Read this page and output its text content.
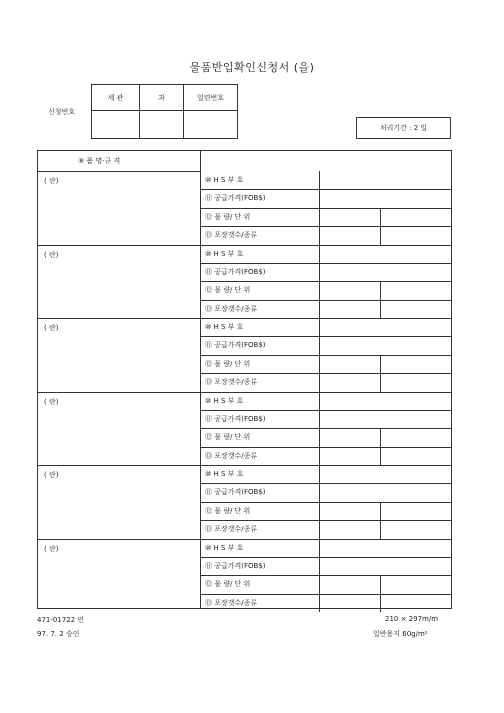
물품반입확인신청서 (을)
신청번호
세 관	과	일련번호

처리기간 : 2 일
⑨ 품 명·규 격
( 란)	⑩ H S 부 호
⑪ 공급가격(FOB$)
⑫ 물 량/ 단 위
⑬ 포장갯수/종류
( 란)	⑩ H S 부 호
⑪ 공급가격(FOB$)
⑫ 물 량/ 단 위
⑬ 포장갯수/종류
( 란)	⑩ H S 부 호
⑪ 공급가격(FOB$)
⑫ 물 량/ 단 위
⑬ 포장갯수/종류
( 란)	⑩ H S 부 호
⑪ 공급가격(FOB$)
⑫ 물 량/ 단 위
⑬ 포장갯수/종류
( 란)	⑩ H S 부 호
⑪ 공급가격(FOB$)
⑫ 물 량/ 단 위
⑬ 포장갯수/종류
( 란)	⑩ H S 부 호
⑪ 공급가격(FOB$)
⑫ 물 량/ 단 위
⑬ 포장갯수/종류
471-01722 민
97. 7. 2 승인
210 × 297m/m
일반용지 60g/m²
